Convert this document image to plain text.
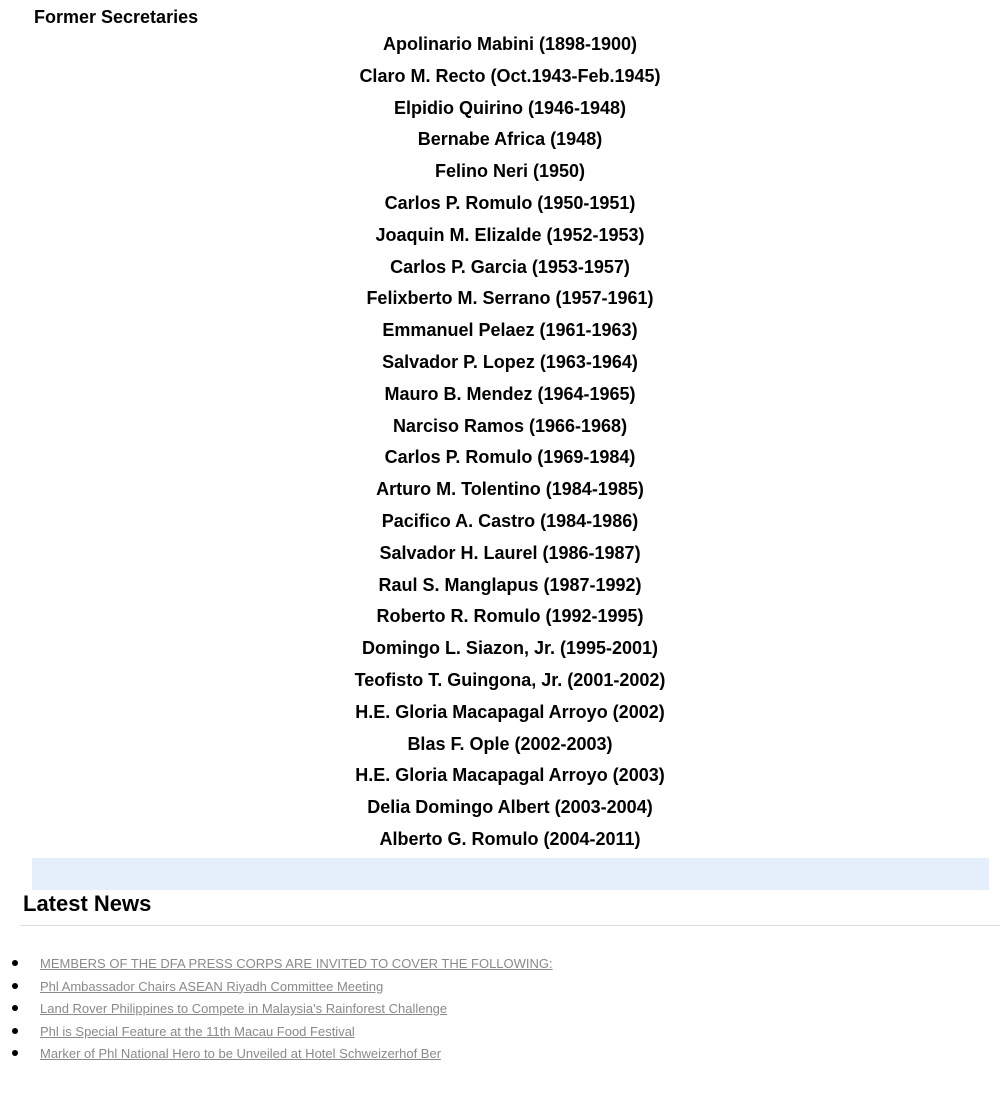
Former Secretaries
Apolinario Mabini (1898-1900)
Claro M. Recto (Oct.1943-Feb.1945)
Elpidio Quirino (1946-1948)
Bernabe Africa (1948)
Felino Neri (1950)
Carlos P. Romulo (1950-1951)
Joaquin M. Elizalde (1952-1953)
Carlos P. Garcia (1953-1957)
Felixberto M. Serrano (1957-1961)
Emmanuel Pelaez (1961-1963)
Salvador P. Lopez (1963-1964)
Mauro B. Mendez (1964-1965)
Narciso Ramos (1966-1968)
Carlos P. Romulo (1969-1984)
Arturo M. Tolentino (1984-1985)
Pacifico A. Castro (1984-1986)
Salvador H. Laurel (1986-1987)
Raul S. Manglapus (1987-1992)
Roberto R. Romulo (1992-1995)
Domingo L. Siazon, Jr. (1995-2001)
Teofisto T. Guingona, Jr. (2001-2002)
H.E. Gloria Macapagal Arroyo (2002)
Blas F. Ople (2002-2003)
H.E. Gloria Macapagal Arroyo (2003)
Delia Domingo Albert (2003-2004)
Alberto G. Romulo (2004-2011)
Latest News
MEMBERS OF THE DFA PRESS CORPS ARE INVITED TO COVER THE FOLLOWING:
Phl Ambassador Chairs ASEAN Riyadh Committee Meeting
Land Rover Philippines to Compete in Malaysia's Rainforest Challenge
Phl is Special Feature at the 11th Macau Food Festival
Marker of Phl National Hero to be Unveiled at Hotel Schweizerhof Ber
